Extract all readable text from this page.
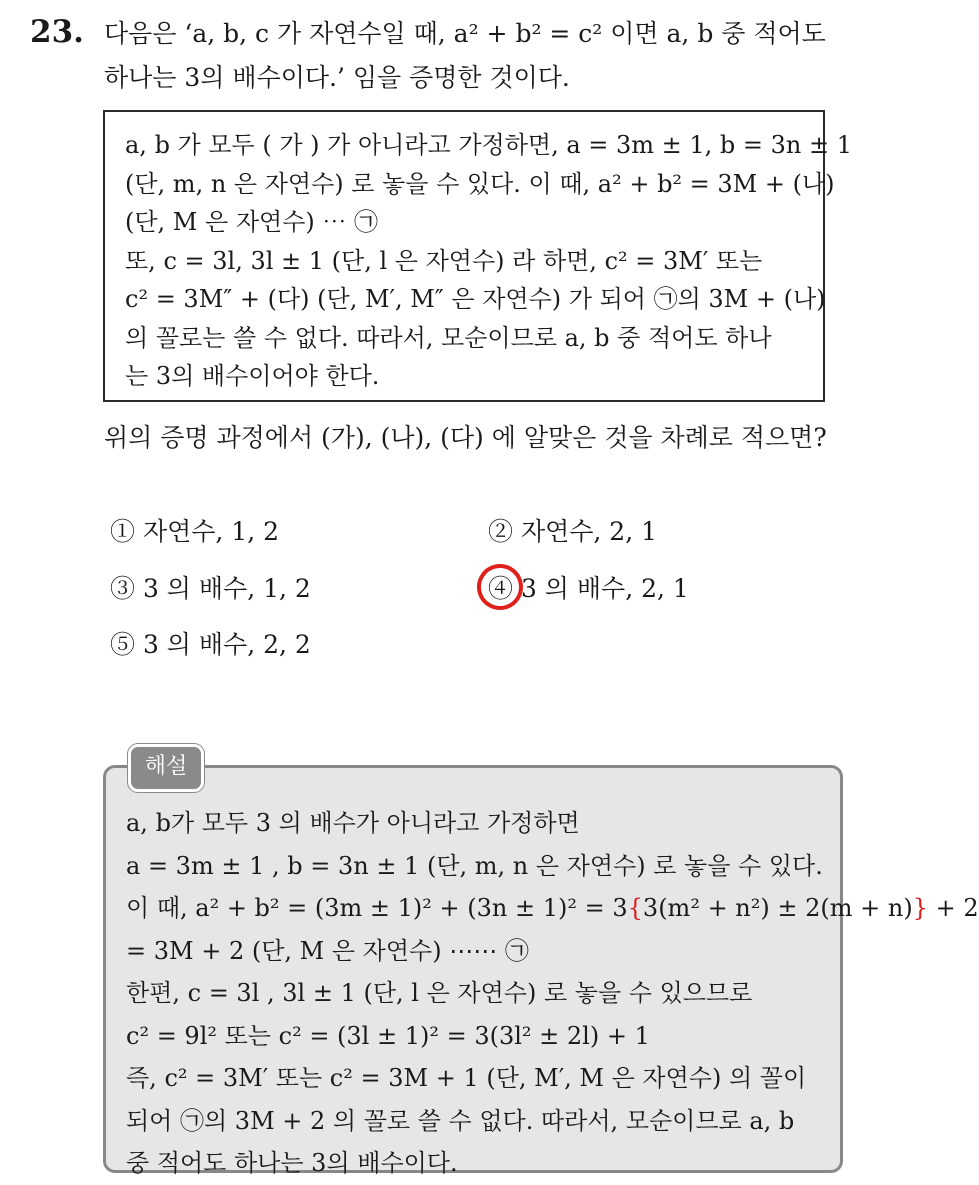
23. 다음은 ‘a, b, c 가 자연수일 때, a² + b² = c² 이면 a, b 중 적어도
하나는 3의 배수이다.’ 임을 증명한 것이다.
a, b 가 모두 ( 가 ) 가 아니라고 가정하면, a = 3m ± 1, b = 3n ± 1
(단, m, n 은 자연수) 로 놓을 수 있다. 이 때, a² + b² = 3M + (나)
(단, M 은 자연수) ⋯ ㉠
또, c = 3l, 3l ± 1 (단, l 은 자연수) 라 하면, c² = 3M′ 또는
c² = 3M″ + (다) (단, M′, M″ 은 자연수) 가 되어 ㉠의 3M + (나)
의 꼴로는 쓸 수 없다. 따라서, 모순이므로 a, b 중 적어도 하나
는 3의 배수이어야 한다.
위의 증명 과정에서 (가), (나), (다) 에 알맞은 것을 차례로 적으면?
① 자연수, 1, 2	② 자연수, 2, 1
③ 3 의 배수, 1, 2	④ 3 의 배수, 2, 1
⑤ 3 의 배수, 2, 2
해설
a, b가 모두 3 의 배수가 아니라고 가정하면
a = 3m ± 1 , b = 3n ± 1 (단, m, n 은 자연수) 로 놓을 수 있다.
이 때, a² + b² = (3m ± 1)² + (3n ± 1)² = 3{3(m² + n²) ± 2(m + n)} + 2
= 3M + 2 (단, M 은 자연수) ⋯⋯ ㉠
한편, c = 3l , 3l ± 1 (단, l 은 자연수) 로 놓을 수 있으므로
c² = 9l² 또는 c² = (3l ± 1)² = 3(3l² ± 2l) + 1
즉, c² = 3M′ 또는 c² = 3M + 1 (단, M′, M 은 자연수) 의 꼴이
되어 ㉠의 3M + 2 의 꼴로 쓸 수 없다. 따라서, 모순이므로 a, b
중 적어도 하나는 3의 배수이다.
